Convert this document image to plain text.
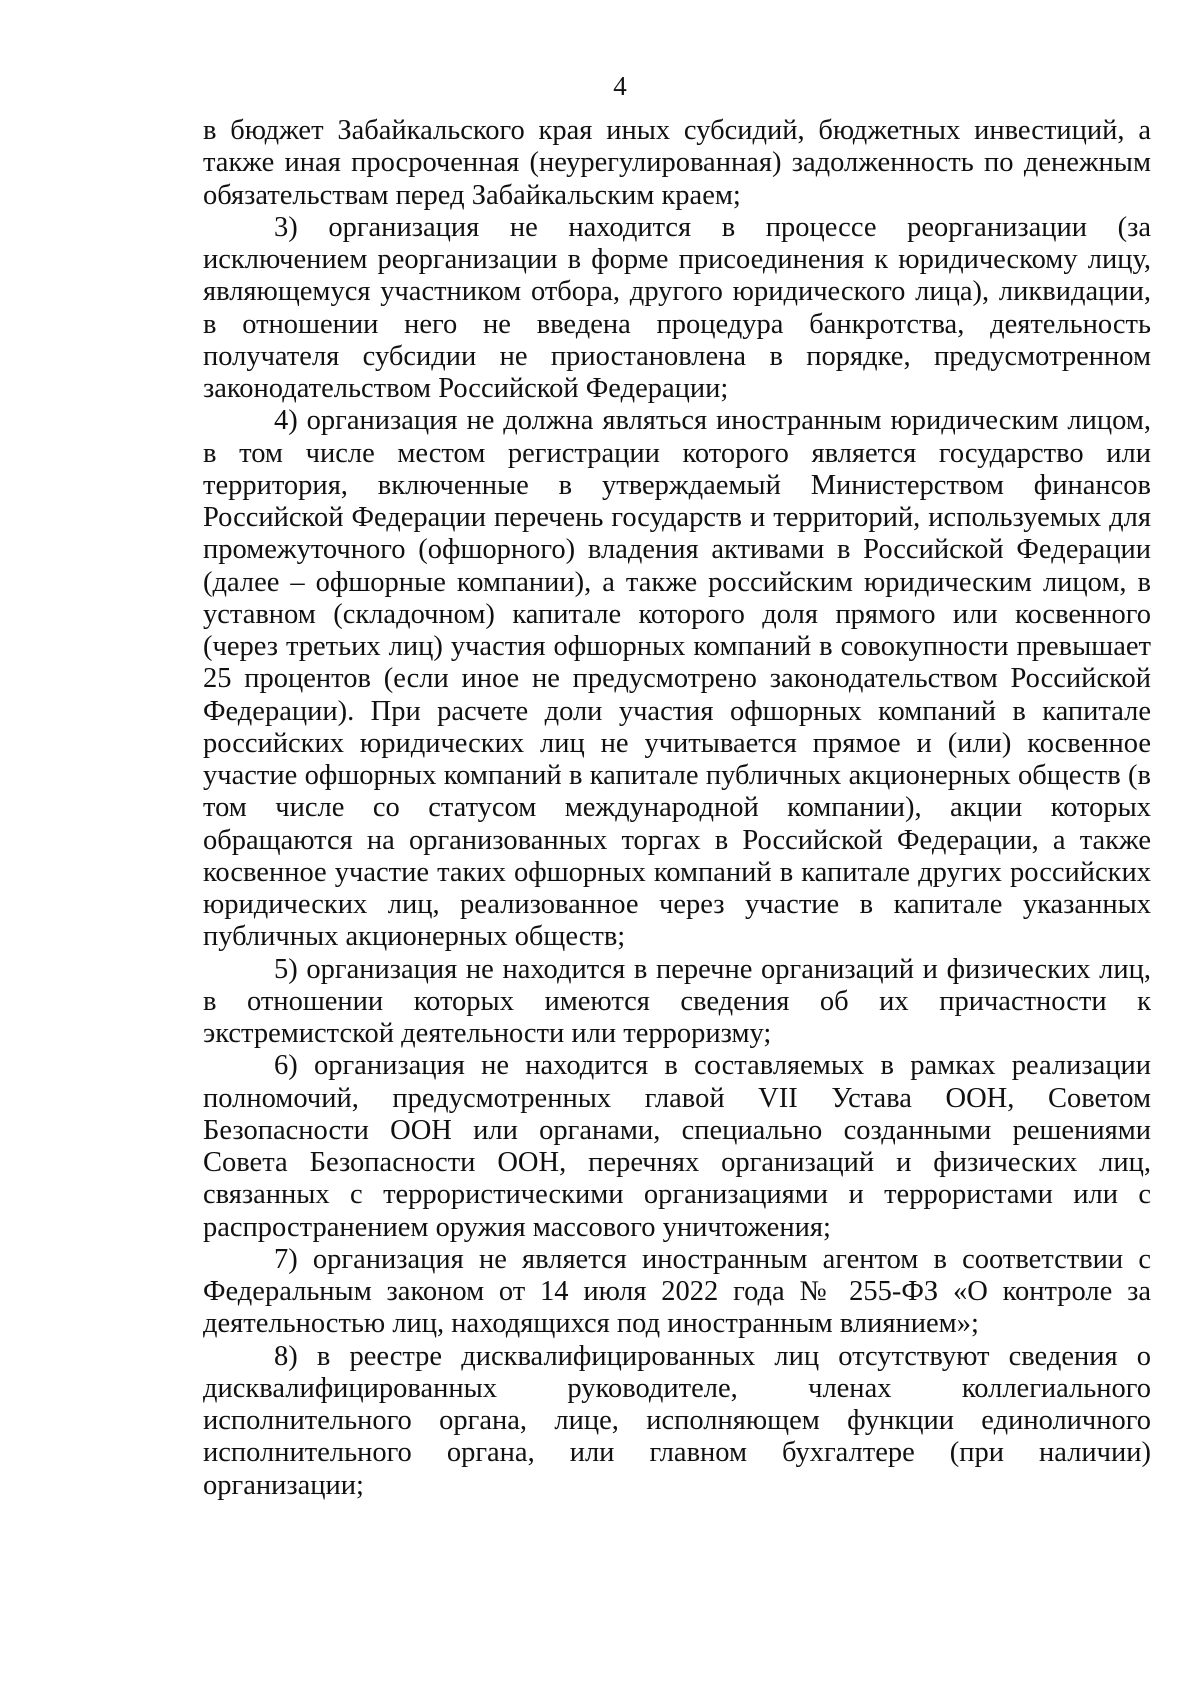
4

в бюджет Забайкальского края иных субсидий, бюджетных инвестиций, а также иная просроченная (неурегулированная) задолженность по денежным обязательствам перед Забайкальским краем;

3) организация не находится в процессе реорганизации (за исключением реорганизации в форме присоединения к юридическому лицу, являющемуся участником отбора, другого юридического лица), ликвидации, в отношении него не введена процедура банкротства, деятельность получателя субсидии не приостановлена в порядке, предусмотренном законодательством Российской Федерации;

4) организация не должна являться иностранным юридическим лицом, в том числе местом регистрации которого является государство или территория, включенные в утверждаемый Министерством финансов Российской Федерации перечень государств и территорий, используемых для промежуточного (офшорного) владения активами в Российской Федерации (далее – офшорные компании), а также российским юридическим лицом, в уставном (складочном) капитале которого доля прямого или косвенного (через третьих лиц) участия офшорных компаний в совокупности превышает 25 процентов (если иное не предусмотрено законодательством Российской Федерации). При расчете доли участия офшорных компаний в капитале российских юридических лиц не учитывается прямое и (или) косвенное участие офшорных компаний в капитале публичных акционерных обществ (в том числе со статусом международной компании), акции которых обращаются на организованных торгах в Российской Федерации, а также косвенное участие таких офшорных компаний в капитале других российских юридических лиц, реализованное через участие в капитале указанных публичных акционерных обществ;

5) организация не находится в перечне организаций и физических лиц, в отношении которых имеются сведения об их причастности к экстремистской деятельности или терроризму;

6) организация не находится в составляемых в рамках реализации полномочий, предусмотренных главой VII Устава ООН, Советом Безопасности ООН или органами, специально созданными решениями Совета Безопасности ООН, перечнях организаций и физических лиц, связанных с террористическими организациями и террористами или с распространением оружия массового уничтожения;

7) организация не является иностранным агентом в соответствии с Федеральным законом от 14 июля 2022 года № 255-ФЗ «О контроле за деятельностью лиц, находящихся под иностранным влиянием»;

8) в реестре дисквалифицированных лиц отсутствуют сведения о дисквалифицированных руководителе, членах коллегиального исполнительного органа, лице, исполняющем функции единоличного исполнительного органа, или главном бухгалтере (при наличии) организации;
